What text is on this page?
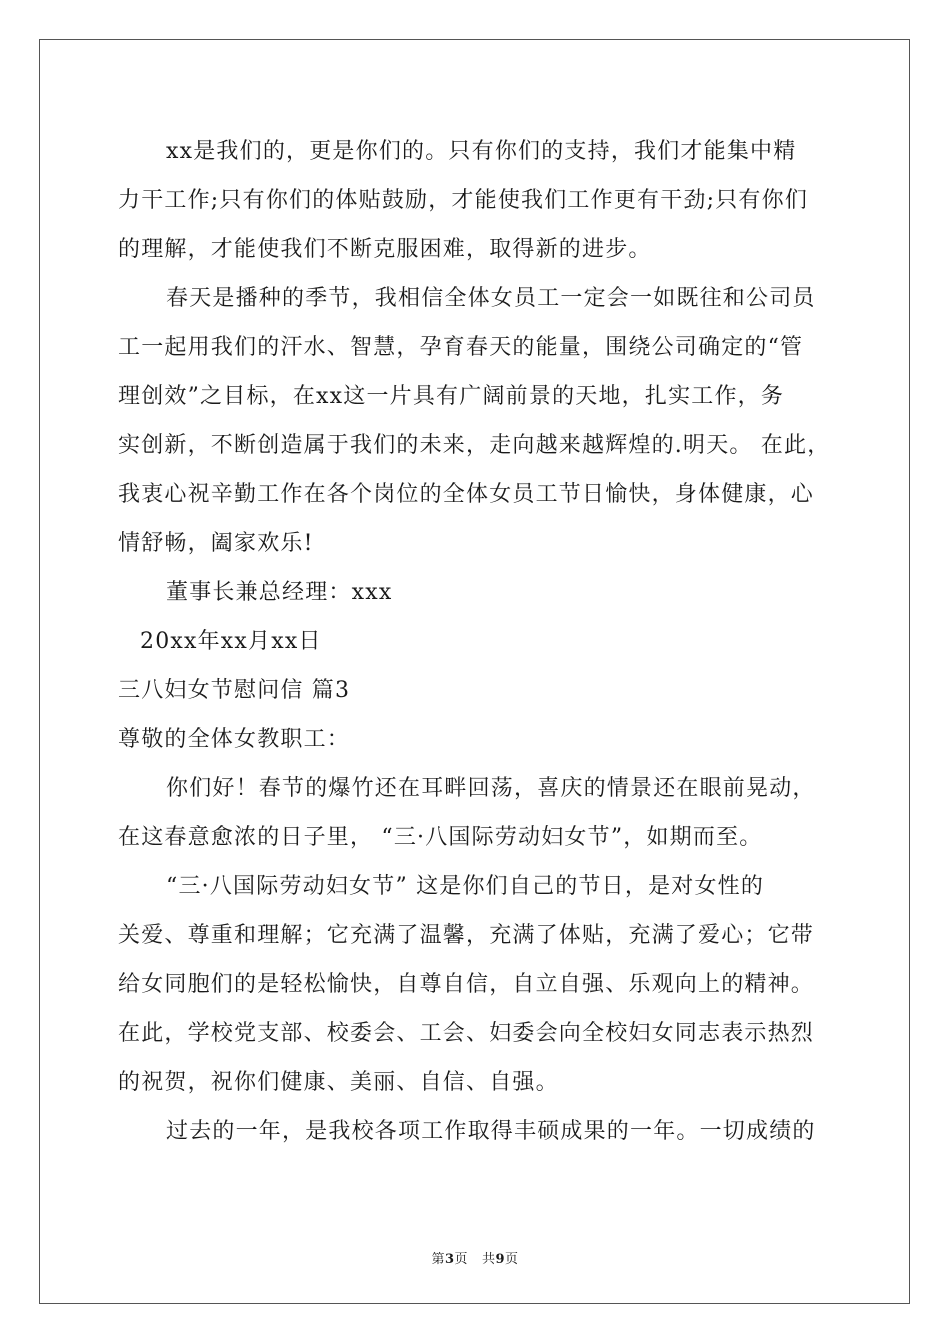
xx是我们的，更是你们的。只有你们的支持，我们才能集中精
力干工作;只有你们的体贴鼓励，才能使我们工作更有干劲;只有你们
的理解，才能使我们不断克服困难，取得新的进步。
春天是播种的季节，我相信全体女员工一定会一如既往和公司员
工一起用我们的汗水、智慧，孕育春天的能量，围绕公司确定的“管
理创效”之目标，在xx这一片具有广阔前景的天地，扎实工作，务
实创新，不断创造属于我们的未来，走向越来越辉煌的.明天。 在此，
我衷心祝辛勤工作在各个岗位的全体女员工节日愉快，身体健康，心
情舒畅，阖家欢乐!
董事长兼总经理：xxx
20xx年xx月xx日
三八妇女节慰问信 篇3
尊敬的全体女教职工：
你们好！春节的爆竹还在耳畔回荡，喜庆的情景还在眼前晃动，
在这春意愈浓的日子里， “三·八国际劳动妇女节”，如期而至。
“三·八国际劳动妇女节” 这是你们自己的节日，是对女性的
关爱、尊重和理解；它充满了温馨，充满了体贴，充满了爱心；它带
给女同胞们的是轻松愉快，自尊自信，自立自强、乐观向上的精神。
在此，学校党支部、校委会、工会、妇委会向全校妇女同志表示热烈
的祝贺，祝你们健康、美丽、自信、自强。
过去的一年，是我校各项工作取得丰硕成果的一年。一切成绩的
第3页   共9页
